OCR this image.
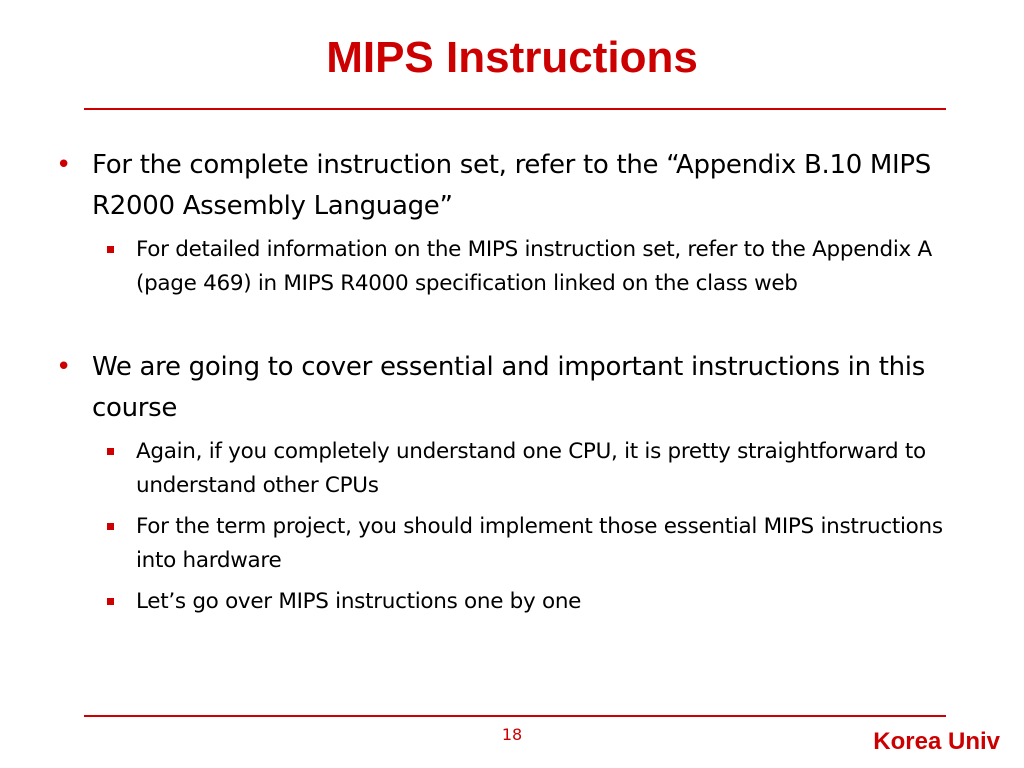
MIPS Instructions
• For the complete instruction set, refer to the “Appendix B.10 MIPS R2000 Assembly Language”
For detailed information on the MIPS instruction set, refer to the Appendix A (page 469) in MIPS R4000 specification linked on the class web
• We are going to cover essential and important instructions in this course
Again, if you completely understand one CPU, it is pretty straightforward to understand other CPUs
For the term project, you should implement those essential MIPS instructions into hardware
Let’s go over MIPS instructions one by one
18	Korea Univ
